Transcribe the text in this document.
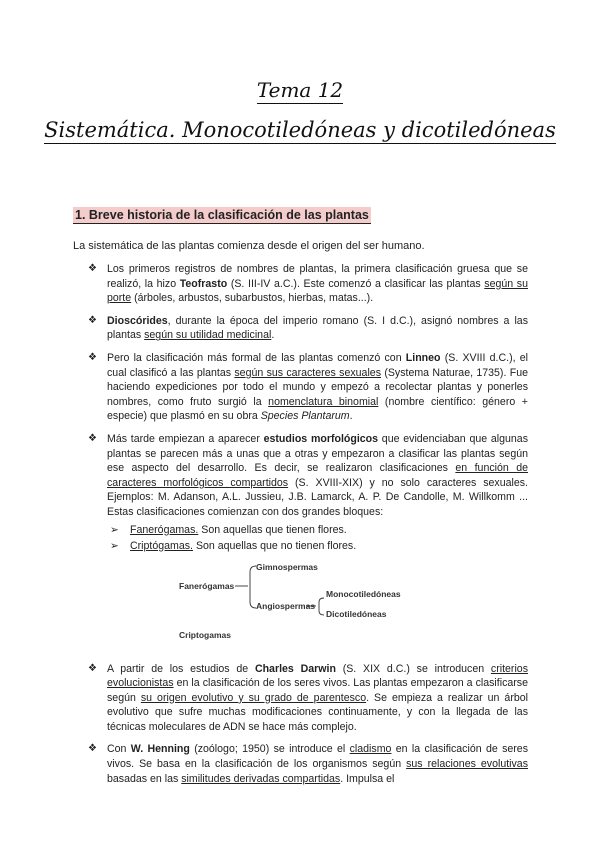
Tema 12
Sistemática. Monocotiledóneas y dicotiledóneas
1. Breve historia de la clasificación de las plantas
La sistemática de las plantas comienza desde el origen del ser humano.
❖ Los primeros registros de nombres de plantas, la primera clasificación gruesa que se realizó, la hizo Teofrasto (S. III-IV a.C.). Este comenzó a clasificar las plantas según su porte (árboles, arbustos, subarbustos, hierbas, matas...).
❖ Dioscórides, durante la época del imperio romano (S. I d.C.), asignó nombres a las plantas según su utilidad medicinal.
❖ Pero la clasificación más formal de las plantas comenzó con Linneo (S. XVIII d.C.), el cual clasificó a las plantas según sus caracteres sexuales (Systema Naturae, 1735). Fue haciendo expediciones por todo el mundo y empezó a recolectar plantas y ponerles nombres, como fruto surgió la nomenclatura binomial (nombre científico: género + especie) que plasmó en su obra Species Plantarum.
❖ Más tarde empiezan a aparecer estudios morfológicos que evidenciaban que algunas plantas se parecen más a unas que a otras y empezaron a clasificar las plantas según ese aspecto del desarrollo. Es decir, se realizaron clasificaciones en función de caracteres morfológicos compartidos (S. XVIII-XIX) y no solo caracteres sexuales. Ejemplos: M. Adanson, A.L. Jussieu, J.B. Lamarck, A. P. De Candolle, M. Willkomm ... Estas clasificaciones comienzan con dos grandes bloques:
➢ Fanerógamas. Son aquellas que tienen flores.
➢ Criptógamas. Son aquellas que no tienen flores.
Gimnospermas
Fanerógamas
Monocotiledóneas
Angiospermas
Dicotiledóneas
Criptogamas
❖ A partir de los estudios de Charles Darwin (S. XIX d.C.) se introducen criterios evolucionistas en la clasificación de los seres vivos. Las plantas empezaron a clasificarse según su origen evolutivo y su grado de parentesco. Se empieza a realizar un árbol evolutivo que sufre muchas modificaciones continuamente, y con la llegada de las técnicas moleculares de ADN se hace más complejo.
❖ Con W. Henning (zoólogo; 1950) se introduce el cladismo en la clasificación de seres vivos. Se basa en la clasificación de los organismos según sus relaciones evolutivas basadas en las similitudes derivadas compartidas. Impulsa el
